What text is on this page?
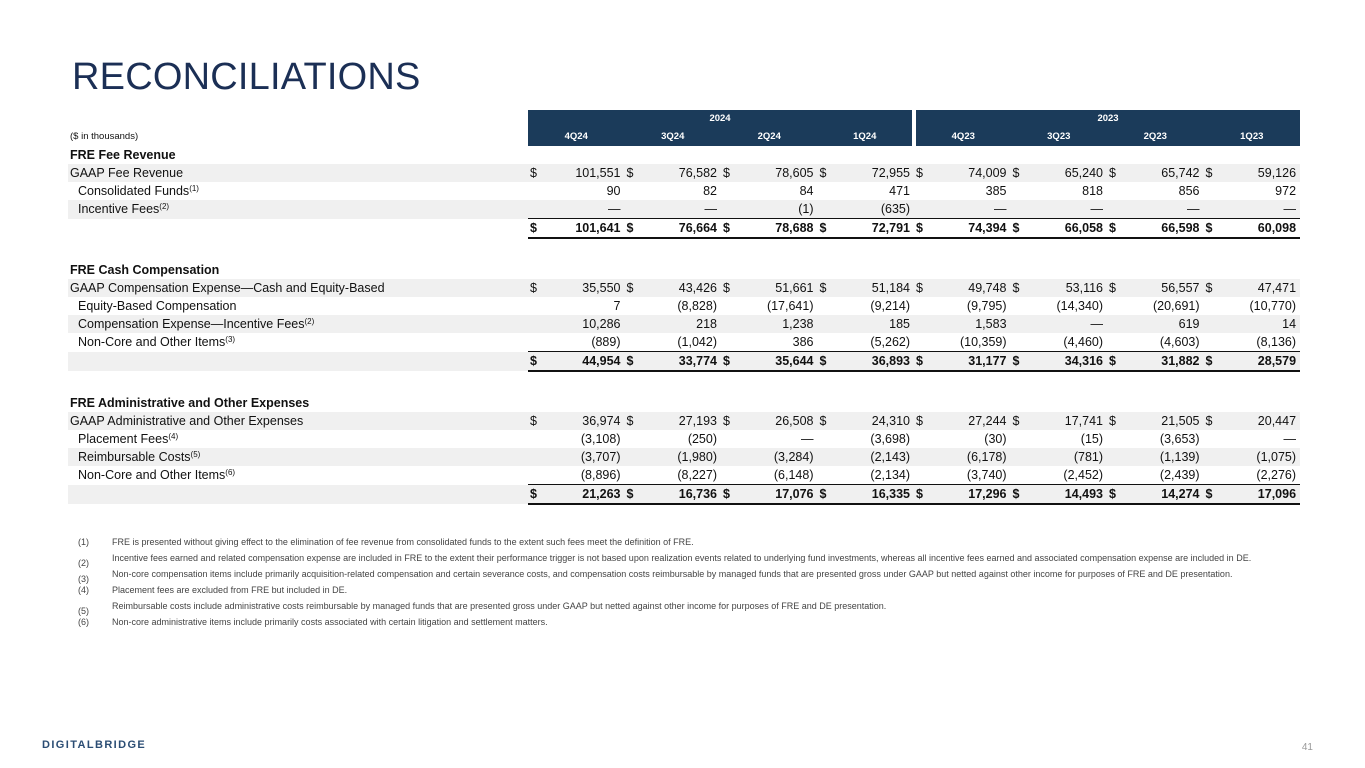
RECONCILIATIONS
	2024								2023							
($ in thousands)	4Q24		3Q24		2Q24		1Q24		4Q23		3Q23		2Q23		1Q23	
FRE Fee Revenue																
GAAP Fee Revenue	$	101,551	$	76,582	$	78,605	$	72,955	$	74,009	$	65,240	$	65,742	$	59,126
Consolidated Funds$^{(1)}$		90		82		84		471		385		818		856		972
Incentive Fees$^{(2)}$		—		—		(1)		(635)		—		—		—		—
	$	101,641	$	76,664	$	78,688	$	72,791	$	74,394	$	66,058	$	66,598	$	60,098

FRE Cash Compensation																
GAAP Compensation Expense—Cash and Equity-Based	$	35,550	$	43,426	$	51,661	$	51,184	$	49,748	$	53,116	$	56,557	$	47,471
Equity-Based Compensation		7		(8,828)		(17,641)		(9,214)		(9,795)		(14,340)		(20,691)		(10,770)
Compensation Expense—Incentive Fees$^{(2)}$		10,286		218		1,238		185		1,583		—		619		14
Non-Core and Other Items$^{(3)}$		(889)		(1,042)		386		(5,262)		(10,359)		(4,460)		(4,603)		(8,136)
	$	44,954	$	33,774	$	35,644	$	36,893	$	31,177	$	34,316	$	31,882	$	28,579

FRE Administrative and Other Expenses																
GAAP Administrative and Other Expenses	$	36,974	$	27,193	$	26,508	$	24,310	$	27,244	$	17,741	$	21,505	$	20,447
Placement Fees$^{(4)}$		(3,108)		(250)		—		(3,698)		(30)		(15)		(3,653)		—
Reimbursable Costs$^{(5)}$		(3,707)		(1,980)		(3,284)		(2,143)		(6,178)		(781)		(1,139)		(1,075)
Non-Core and Other Items$^{(6)}$		(8,896)		(8,227)		(6,148)		(2,134)		(3,740)		(2,452)		(2,439)		(2,276)
	$	21,263	$	16,736	$	17,076	$	16,335	$	17,296	$	14,493	$	14,274	$	17,096
(1)	FRE is presented without giving effect to the elimination of fee revenue from consolidated funds to the extent such fees meet the definition of FRE.
(2)	Incentive fees earned and related compensation expense are included in FRE to the extent their performance trigger is not based upon realization events related to underlying fund investments, whereas all incentive fees earned and associated compensation expense are included in DE.
(3)	Non-core compensation items include primarily acquisition-related compensation and certain severance costs, and compensation costs reimbursable by managed funds that are presented gross under GAAP but netted against other income for purposes of FRE and DE presentation.
(4)	Placement fees are excluded from FRE but included in DE.
(5)	Reimbursable costs include administrative costs reimbursable by managed funds that are presented gross under GAAP but netted against other income for purposes of FRE and DE presentation.
(6)	Non-core administrative items include primarily costs associated with certain litigation and settlement matters.
DIGITALBRIDGE	41
